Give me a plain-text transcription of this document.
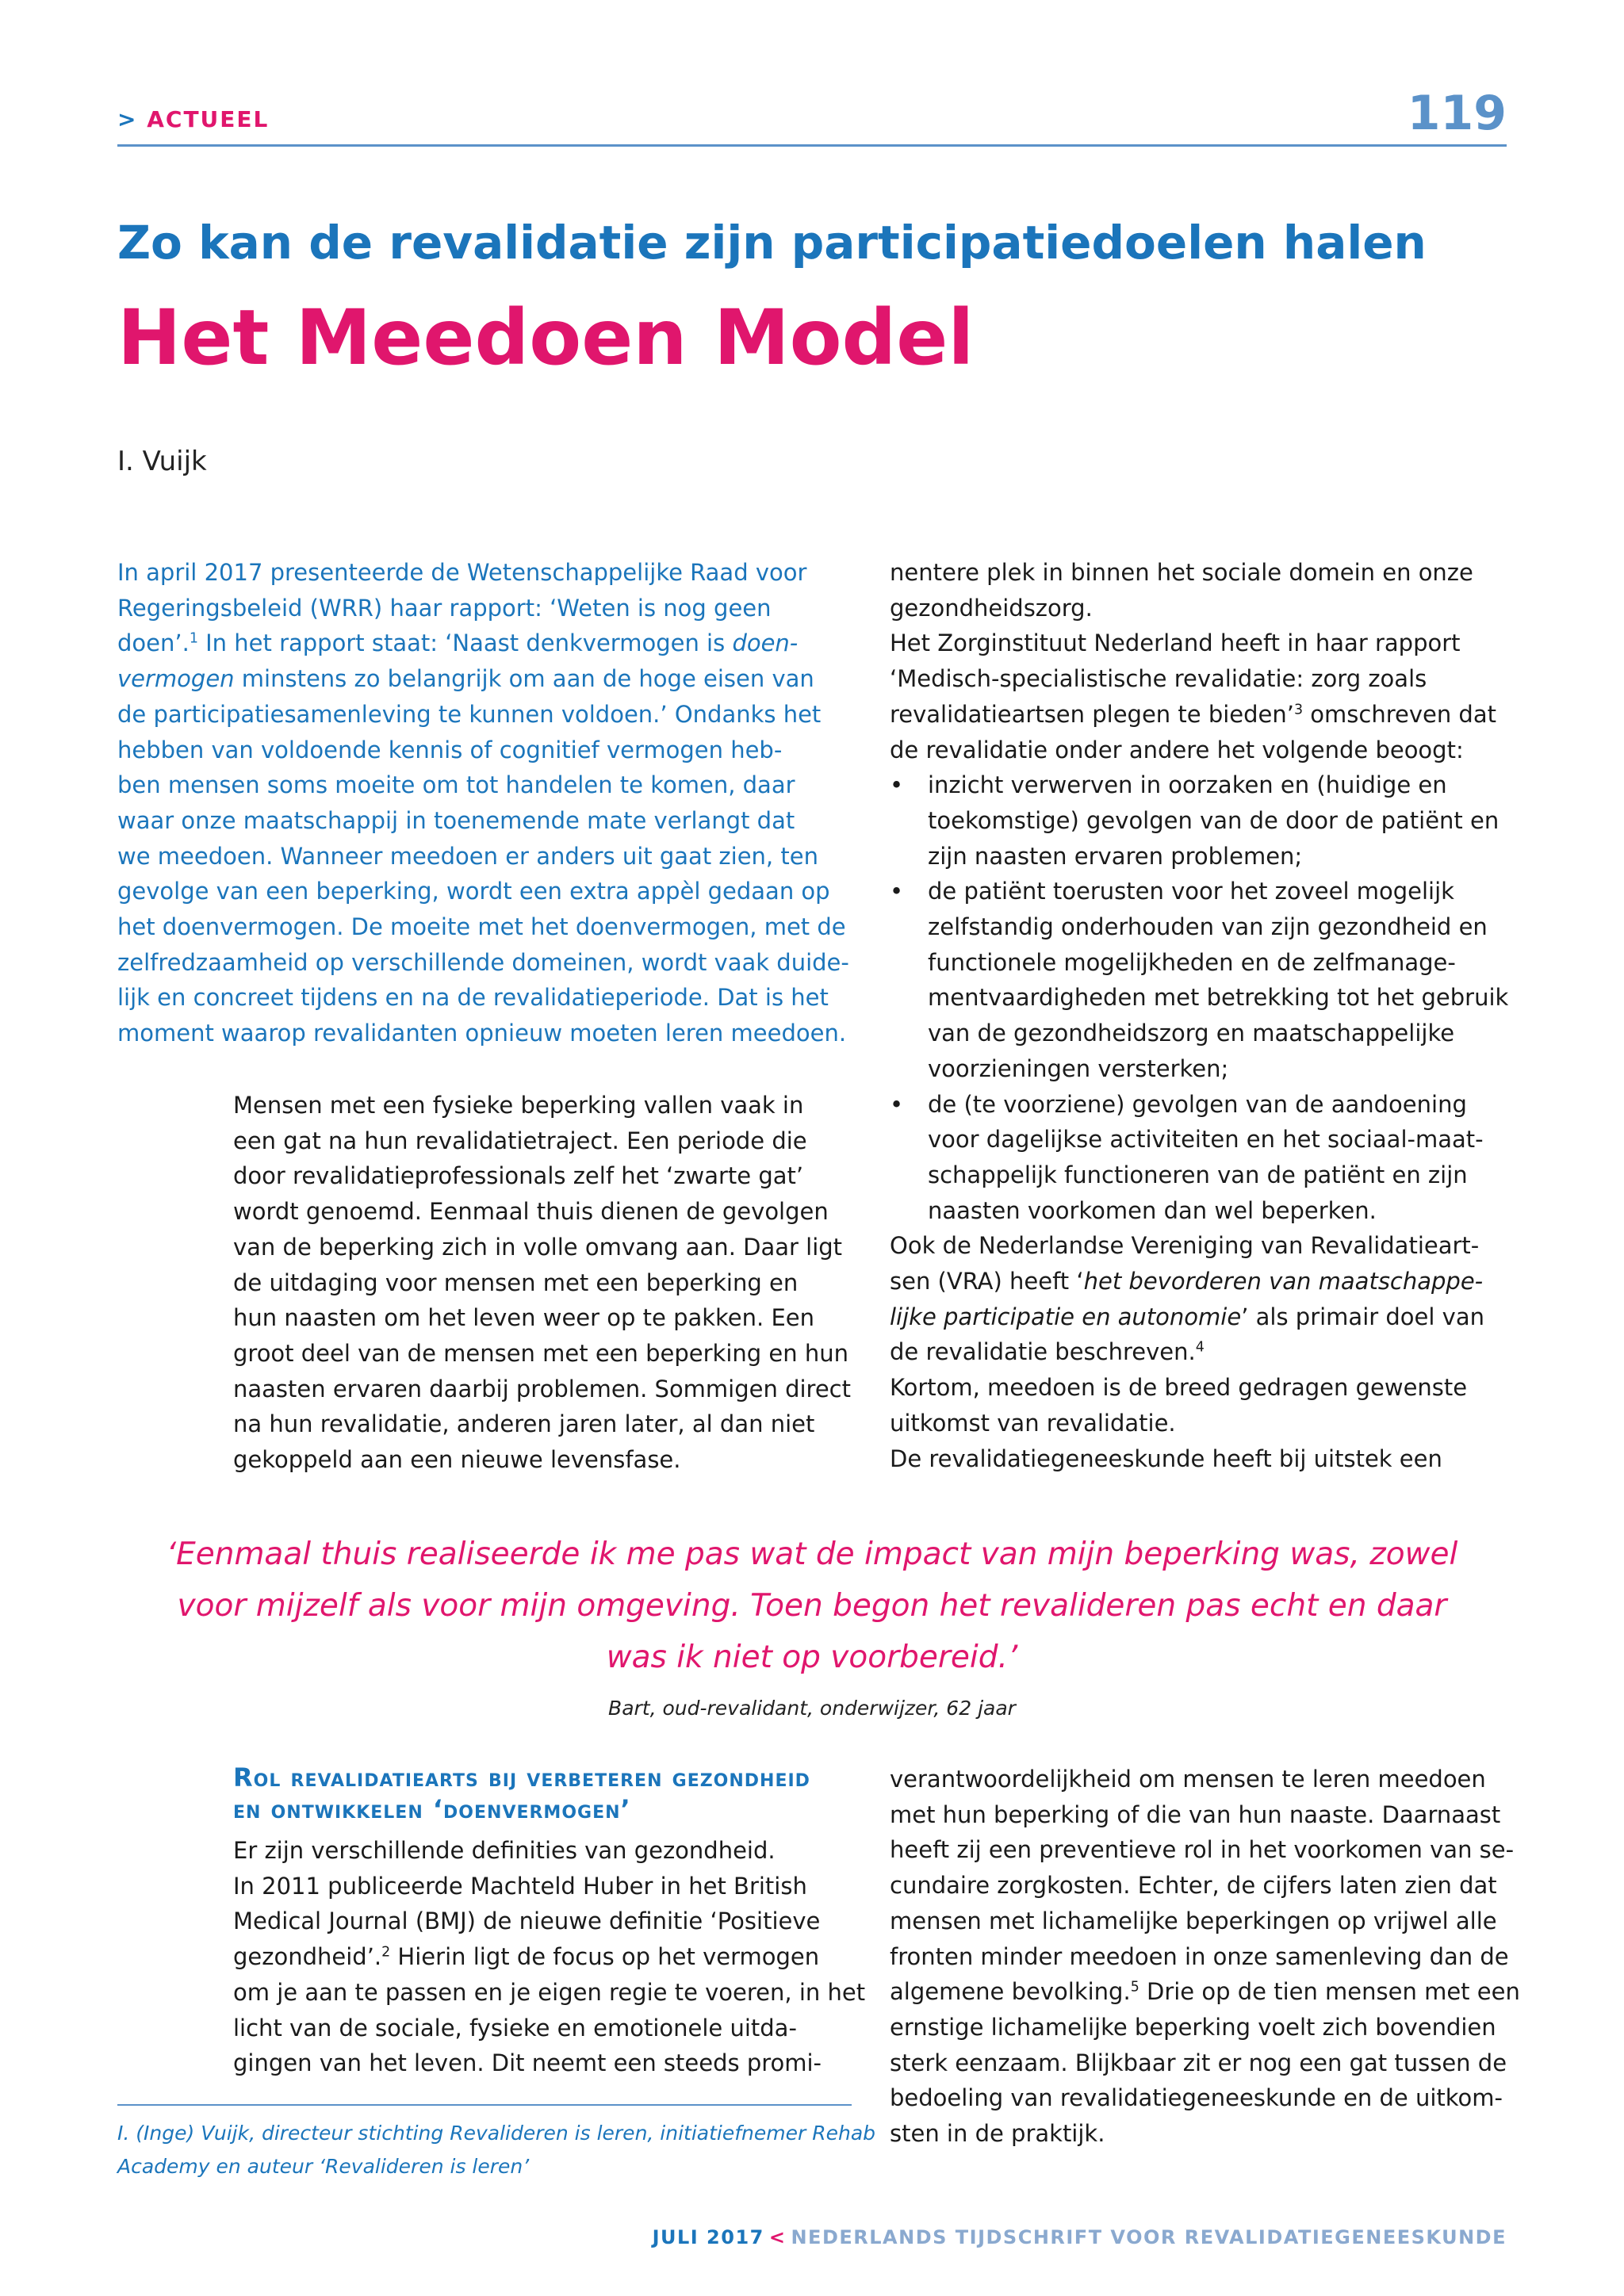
> ACTUEEL	119
Zo kan de revalidatie zijn participatiedoelen halen
Het Meedoen Model
I. Vuijk
In april 2017 presenteerde de Wetenschappelijke Raad voor
Regeringsbeleid (WRR) haar rapport: ‘Weten is nog geen
doen’.$^1$ In het rapport staat: ‘Naast denkvermogen is doen-
vermogen minstens zo belangrijk om aan de hoge eisen van
de participatiesamenleving te kunnen voldoen.’ Ondanks het
hebben van voldoende kennis of cognitief vermogen heb-
ben mensen soms moeite om tot handelen te komen, daar
waar onze maatschappij in toenemende mate verlangt dat
we meedoen. Wanneer meedoen er anders uit gaat zien, ten
gevolge van een beperking, wordt een extra appèl gedaan op
het doenvermogen. De moeite met het doenvermogen, met de
zelfredzaamheid op verschillende domeinen, wordt vaak duide-
lijk en concreet tijdens en na de revalidatieperiode. Dat is het
moment waarop revalidanten opnieuw moeten leren meedoen.
Mensen met een fysieke beperking vallen vaak in
een gat na hun revalidatietraject. Een periode die
door revalidatieprofessionals zelf het ‘zwarte gat’
wordt genoemd. Eenmaal thuis dienen de gevolgen
van de beperking zich in volle omvang aan. Daar ligt
de uitdaging voor mensen met een beperking en
hun naasten om het leven weer op te pakken. Een
groot deel van de mensen met een beperking en hun
naasten ervaren daarbij problemen. Sommigen direct
na hun revalidatie, anderen jaren later, al dan niet
gekoppeld aan een nieuwe levensfase.
nentere plek in binnen het sociale domein en onze
gezondheidszorg.
Het Zorginstituut Nederland heeft in haar rapport
‘Medisch-specialistische revalidatie: zorg zoals
revalidatieartsen plegen te bieden’$^3$ omschreven dat
de revalidatie onder andere het volgende beoogt:
• inzicht verwerven in oorzaken en (huidige en
toekomstige) gevolgen van de door de patiënt en
zijn naasten ervaren problemen;
• de patiënt toerusten voor het zoveel mogelijk
zelfstandig onderhouden van zijn gezondheid en
functionele mogelijkheden en de zelfmanage-
mentvaardigheden met betrekking tot het gebruik
van de gezondheidszorg en maatschappelijke
voorzieningen versterken;
• de (te voorziene) gevolgen van de aandoening
voor dagelijkse activiteiten en het sociaal-maat-
schappelijk functioneren van de patiënt en zijn
naasten voorkomen dan wel beperken.
Ook de Nederlandse Vereniging van Revalidatieart-
sen (VRA) heeft ‘het bevorderen van maatschappe-
lijke participatie en autonomie’ als primair doel van
de revalidatie beschreven.$^4$
Kortom, meedoen is de breed gedragen gewenste
uitkomst van revalidatie.
De revalidatiegeneeskunde heeft bij uitstek een
‘Eenmaal thuis realiseerde ik me pas wat de impact van mijn beperking was, zowel
voor mijzelf als voor mijn omgeving. Toen begon het revalideren pas echt en daar
was ik niet op voorbereid.’
Bart, oud-revalidant, onderwijzer, 62 jaar
Rol revalidatiearts bij verbeteren gezondheid
en ontwikkelen ‘doenvermogen’
Er zijn verschillende definities van gezondheid.
In 2011 publiceerde Machteld Huber in het British
Medical Journal (BMJ) de nieuwe definitie ‘Positieve
gezondheid’.$^2$ Hierin ligt de focus op het vermogen
om je aan te passen en je eigen regie te voeren, in het
licht van de sociale, fysieke en emotionele uitda-
gingen van het leven. Dit neemt een steeds promi-
verantwoordelijkheid om mensen te leren meedoen
met hun beperking of die van hun naaste. Daarnaast
heeft zij een preventieve rol in het voorkomen van se-
cundaire zorgkosten. Echter, de cijfers laten zien dat
mensen met lichamelijke beperkingen op vrijwel alle
fronten minder meedoen in onze samenleving dan de
algemene bevolking.$^5$ Drie op de tien mensen met een
ernstige lichamelijke beperking voelt zich bovendien
sterk eenzaam. Blijkbaar zit er nog een gat tussen de
bedoeling van revalidatiegeneeskunde en de uitkom-
sten in de praktijk.
I. (Inge) Vuijk, directeur stichting Revalideren is leren, initiatiefnemer Rehab
Academy en auteur ‘Revalideren is leren’
JULI 2017 < NEDERLANDS TIJDSCHRIFT VOOR REVALIDATIEGENEESKUNDE
